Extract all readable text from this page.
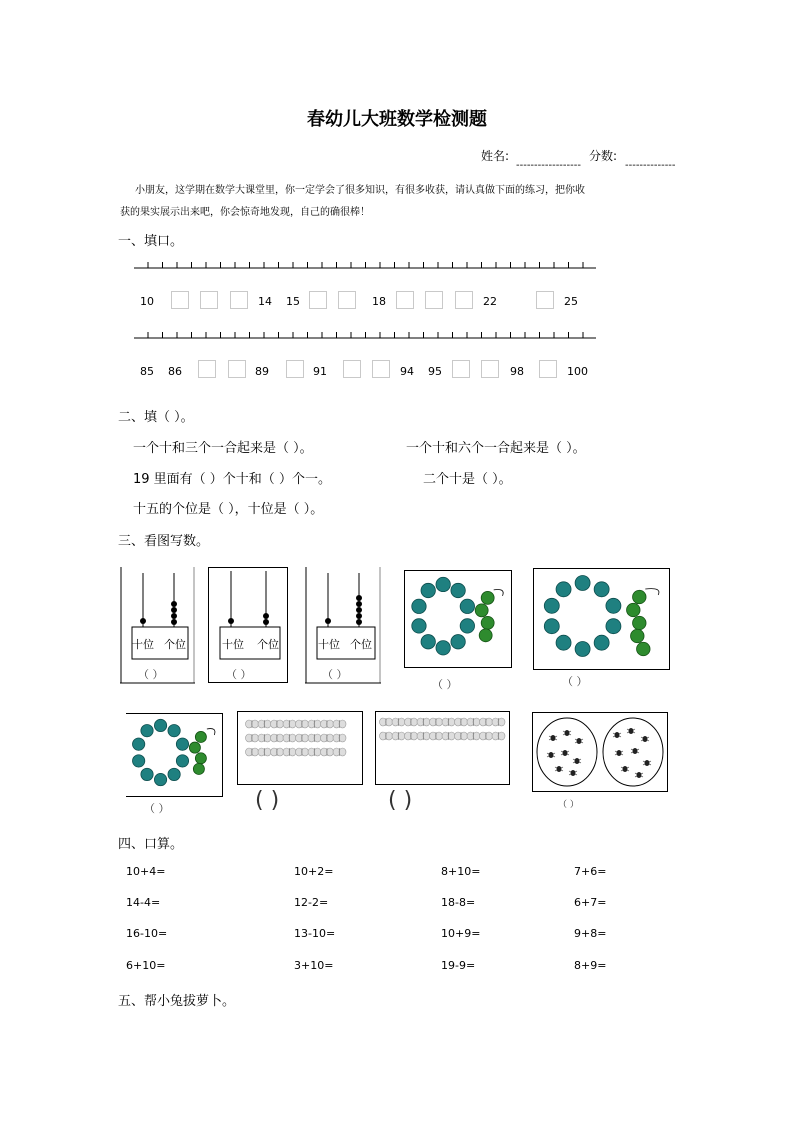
春幼儿大班数学检测题
姓名:
------------------
分数:
--------------
小朋友，这学期在数学大课堂里，你一定学会了很多知识，有很多收获，请认真做下面的练习，把你收
获的果实展示出来吧，你会惊奇地发现，自己的确很棒！
一、填口。
10	14 15	18	22	25
85 86	89	91	94 95	98	100
二、填（ ）。
一个十和三个一合起来是（ ）。	一个十和六个一合起来是（ ）。
19 里面有（ ）个十和（ ）个一。	二个十是（ ）。
十五的个位是（ ），十位是（ ）。
三、看图写数。
十位 个位
（ ）
十位 个位
（ ）
十位 个位
（ ）
（ ）	（ ）
（ ）	( )	( )	（ ）
四、口算。
10+4=	10+2=	8+10=	7+6=
14-4=	12-2=	18-8=	6+7=
16-10=	13-10=	10+9=	9+8=
6+10=	3+10=	19-9=	8+9=
五、帮小兔拔萝卜。
